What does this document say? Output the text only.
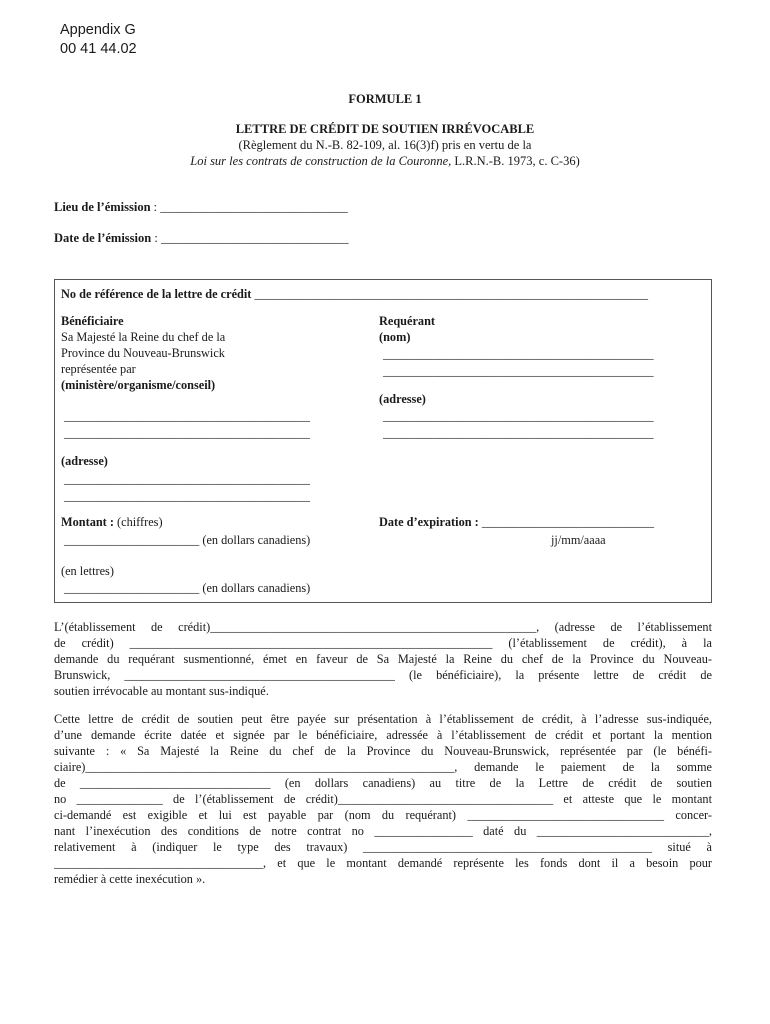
Appendix G
00 41 44.02
FORMULE 1
LETTRE DE CRÉDIT DE SOUTIEN IRRÉVOCABLE
(Règlement du N.-B. 82-109, al. 16(3)f) pris en vertu de la
Loi sur les contrats de construction de la Couronne, L.R.N.-B. 1973, c. C-36)
Lieu de l’émission : ______________________________
Date de l’émission : ______________________________
No de référence de la lettre de crédit ________________________________________________________________
Bénéficiaire
Sa Majesté la Reine du chef de la
Province du Nouveau-Brunswick
représentée par
(ministère/organisme/conseil)
________________________________________
________________________________________
(adresse)
________________________________________
________________________________________
Montant : (chiffres)
______________________ (en dollars canadiens)
(en lettres)
______________________ (en dollars canadiens)
Requérant
(nom)
____________________________________________
____________________________________________
(adresse)
____________________________________________
____________________________________________
Date d’expiration : ____________________________
jj/mm/aaaa
L’(établissement de crédit)_____________________________________________________, (adresse de l’établissement
de crédit) ___________________________________________________________ (l’établissement de crédit), à la
demande du requérant susmentionné, émet en faveur de Sa Majesté la Reine du chef de la Province du Nouveau-
Brunswick, ____________________________________________ (le bénéficiaire), la présente lettre de crédit de
soutien irrévocable au montant sus-indiqué.
Cette lettre de crédit de soutien peut être payée sur présentation à l’établissement de crédit, à l’adresse sus-indiquée,
d’une demande écrite datée et signée par le bénéficiaire, adressée à l’établissement de crédit et portant la mention
suivante : « Sa Majesté la Reine du chef de la Province du Nouveau-Brunswick, représentée par (le bénéfi-
ciaire)____________________________________________________________, demande le paiement de la somme
de _______________________________ (en dollars canadiens) au titre de la Lettre de crédit de soutien
no ______________ de l’(établissement de crédit)___________________________________ et atteste que le montant
ci-demandé est exigible et lui est payable par (nom du requérant) ________________________________ concer-
nant l’inexécution des conditions de notre contrat no ________________ daté du ____________________________,
relativement à (indiquer le type des travaux) _______________________________________________ situé à
__________________________________, et que le montant demandé représente les fonds dont il a besoin pour
remédier à cette inexécution ».
